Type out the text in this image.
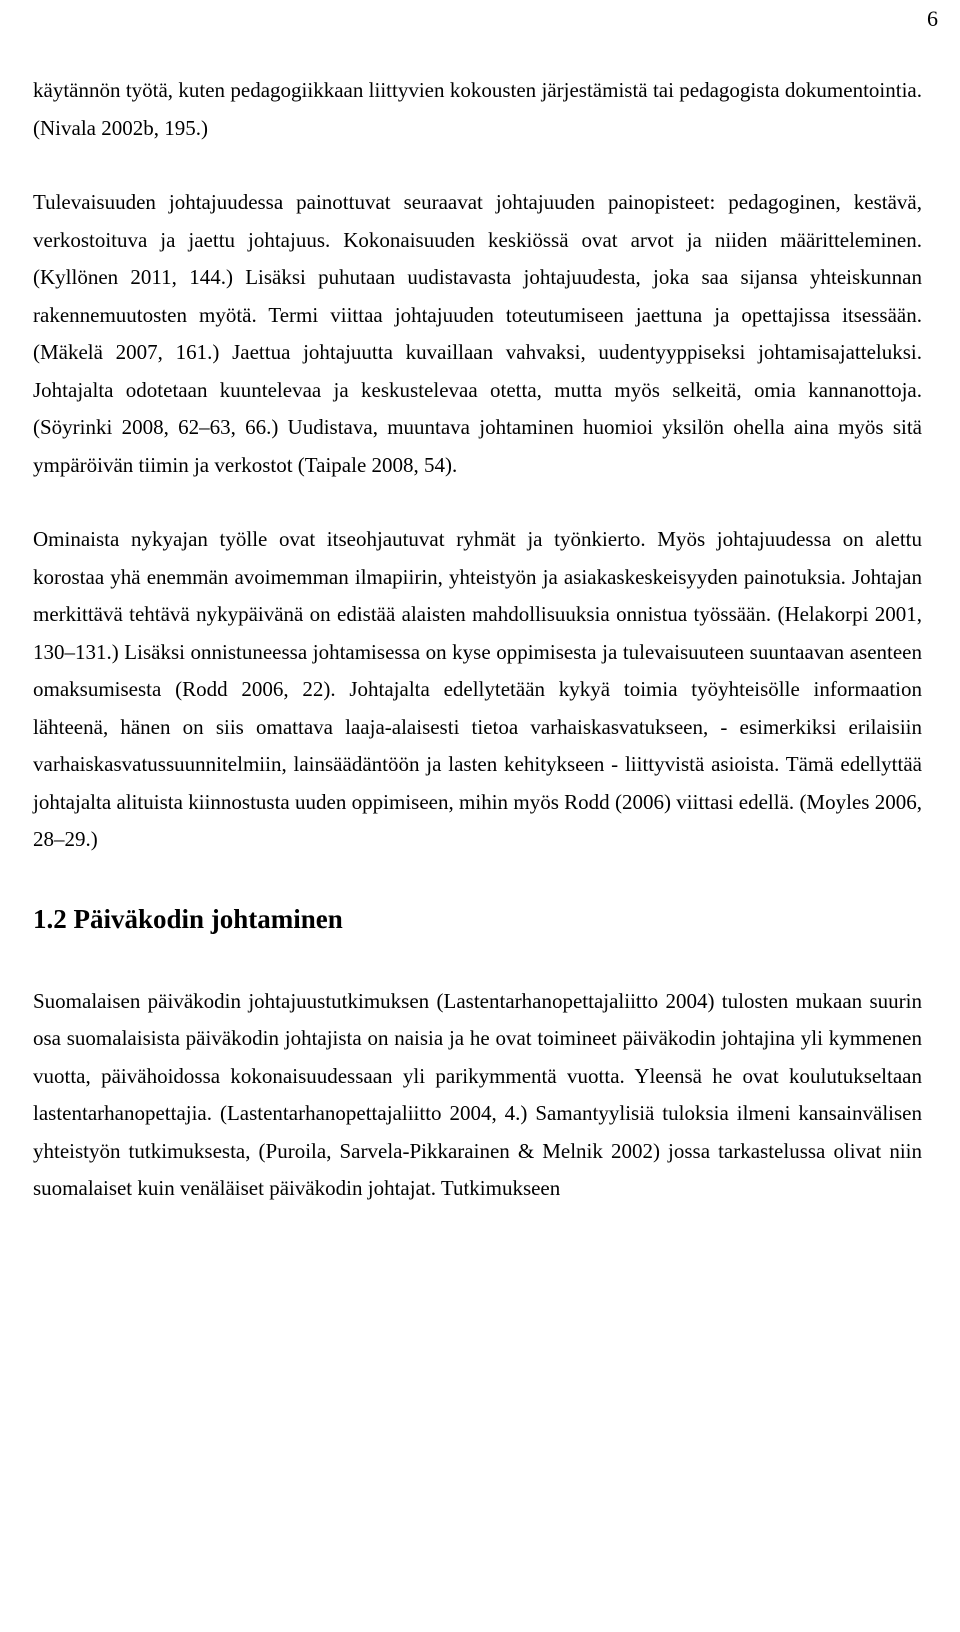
6

käytännön työtä, kuten pedagogiikkaan liittyvien kokousten järjestämistä tai pedagogista dokumentointia. (Nivala 2002b, 195.)

Tulevaisuuden johtajuudessa painottuvat seuraavat johtajuuden painopisteet: pedagoginen, kestävä, verkostoituva ja jaettu johtajuus. Kokonaisuuden keskiössä ovat arvot ja niiden määritteleminen. (Kyllönen 2011, 144.) Lisäksi puhutaan uudistavasta johtajuudesta, joka saa sijansa yhteiskunnan rakennemuutosten myötä. Termi viittaa johtajuuden toteutumiseen jaettuna ja opettajissa itsessään. (Mäkelä 2007, 161.) Jaettua johtajuutta kuvaillaan vahvaksi, uudentyyppiseksi johtamisajatteluksi. Johtajalta odotetaan kuuntelevaa ja keskustelevaa otetta, mutta myös selkeitä, omia kannanottoja. (Söyrinki 2008, 62–63, 66.) Uudistava, muuntava johtaminen huomioi yksilön ohella aina myös sitä ympäröivän tiimin ja verkostot (Taipale 2008, 54).

Ominaista nykyajan työlle ovat itseohjautuvat ryhmät ja työnkierto. Myös johtajuudessa on alettu korostaa yhä enemmän avoimemman ilmapiirin, yhteistyön ja asiakaskeskeisyyden painotuksia. Johtajan merkittävä tehtävä nykypäivänä on edistää alaisten mahdollisuuksia onnistua työssään. (Helakorpi 2001, 130–131.) Lisäksi onnistuneessa johtamisessa on kyse oppimisesta ja tulevaisuuteen suuntaavan asenteen omaksumisesta (Rodd 2006, 22). Johtajalta edellytetään kykyä toimia työyhteisölle informaation lähteenä, hänen on siis omattava laaja-alaisesti tietoa varhaiskasvatukseen, - esimerkiksi erilaisiin varhaiskasvatussuunnitelmiin, lainsäädäntöön ja lasten kehitykseen - liittyvistä asioista. Tämä edellyttää johtajalta alituista kiinnostusta uuden oppimiseen, mihin myös Rodd (2006) viittasi edellä. (Moyles 2006, 28–29.)

1.2 Päiväkodin johtaminen

Suomalaisen päiväkodin johtajuustutkimuksen (Lastentarhanopettajaliitto 2004) tulosten mukaan suurin osa suomalaisista päiväkodin johtajista on naisia ja he ovat toimineet päiväkodin johtajina yli kymmenen vuotta, päivähoidossa kokonaisuudessaan yli parikymmentä vuotta. Yleensä he ovat koulutukseltaan lastentarhanopettajia. (Lastentarhanopettajaliitto 2004, 4.) Samantyylisiä tuloksia ilmeni kansainvälisen yhteistyön tutkimuksesta, (Puroila, Sarvela-Pikkarainen & Melnik 2002) jossa tarkastelussa olivat niin suomalaiset kuin venäläiset päiväkodin johtajat. Tutkimukseen
